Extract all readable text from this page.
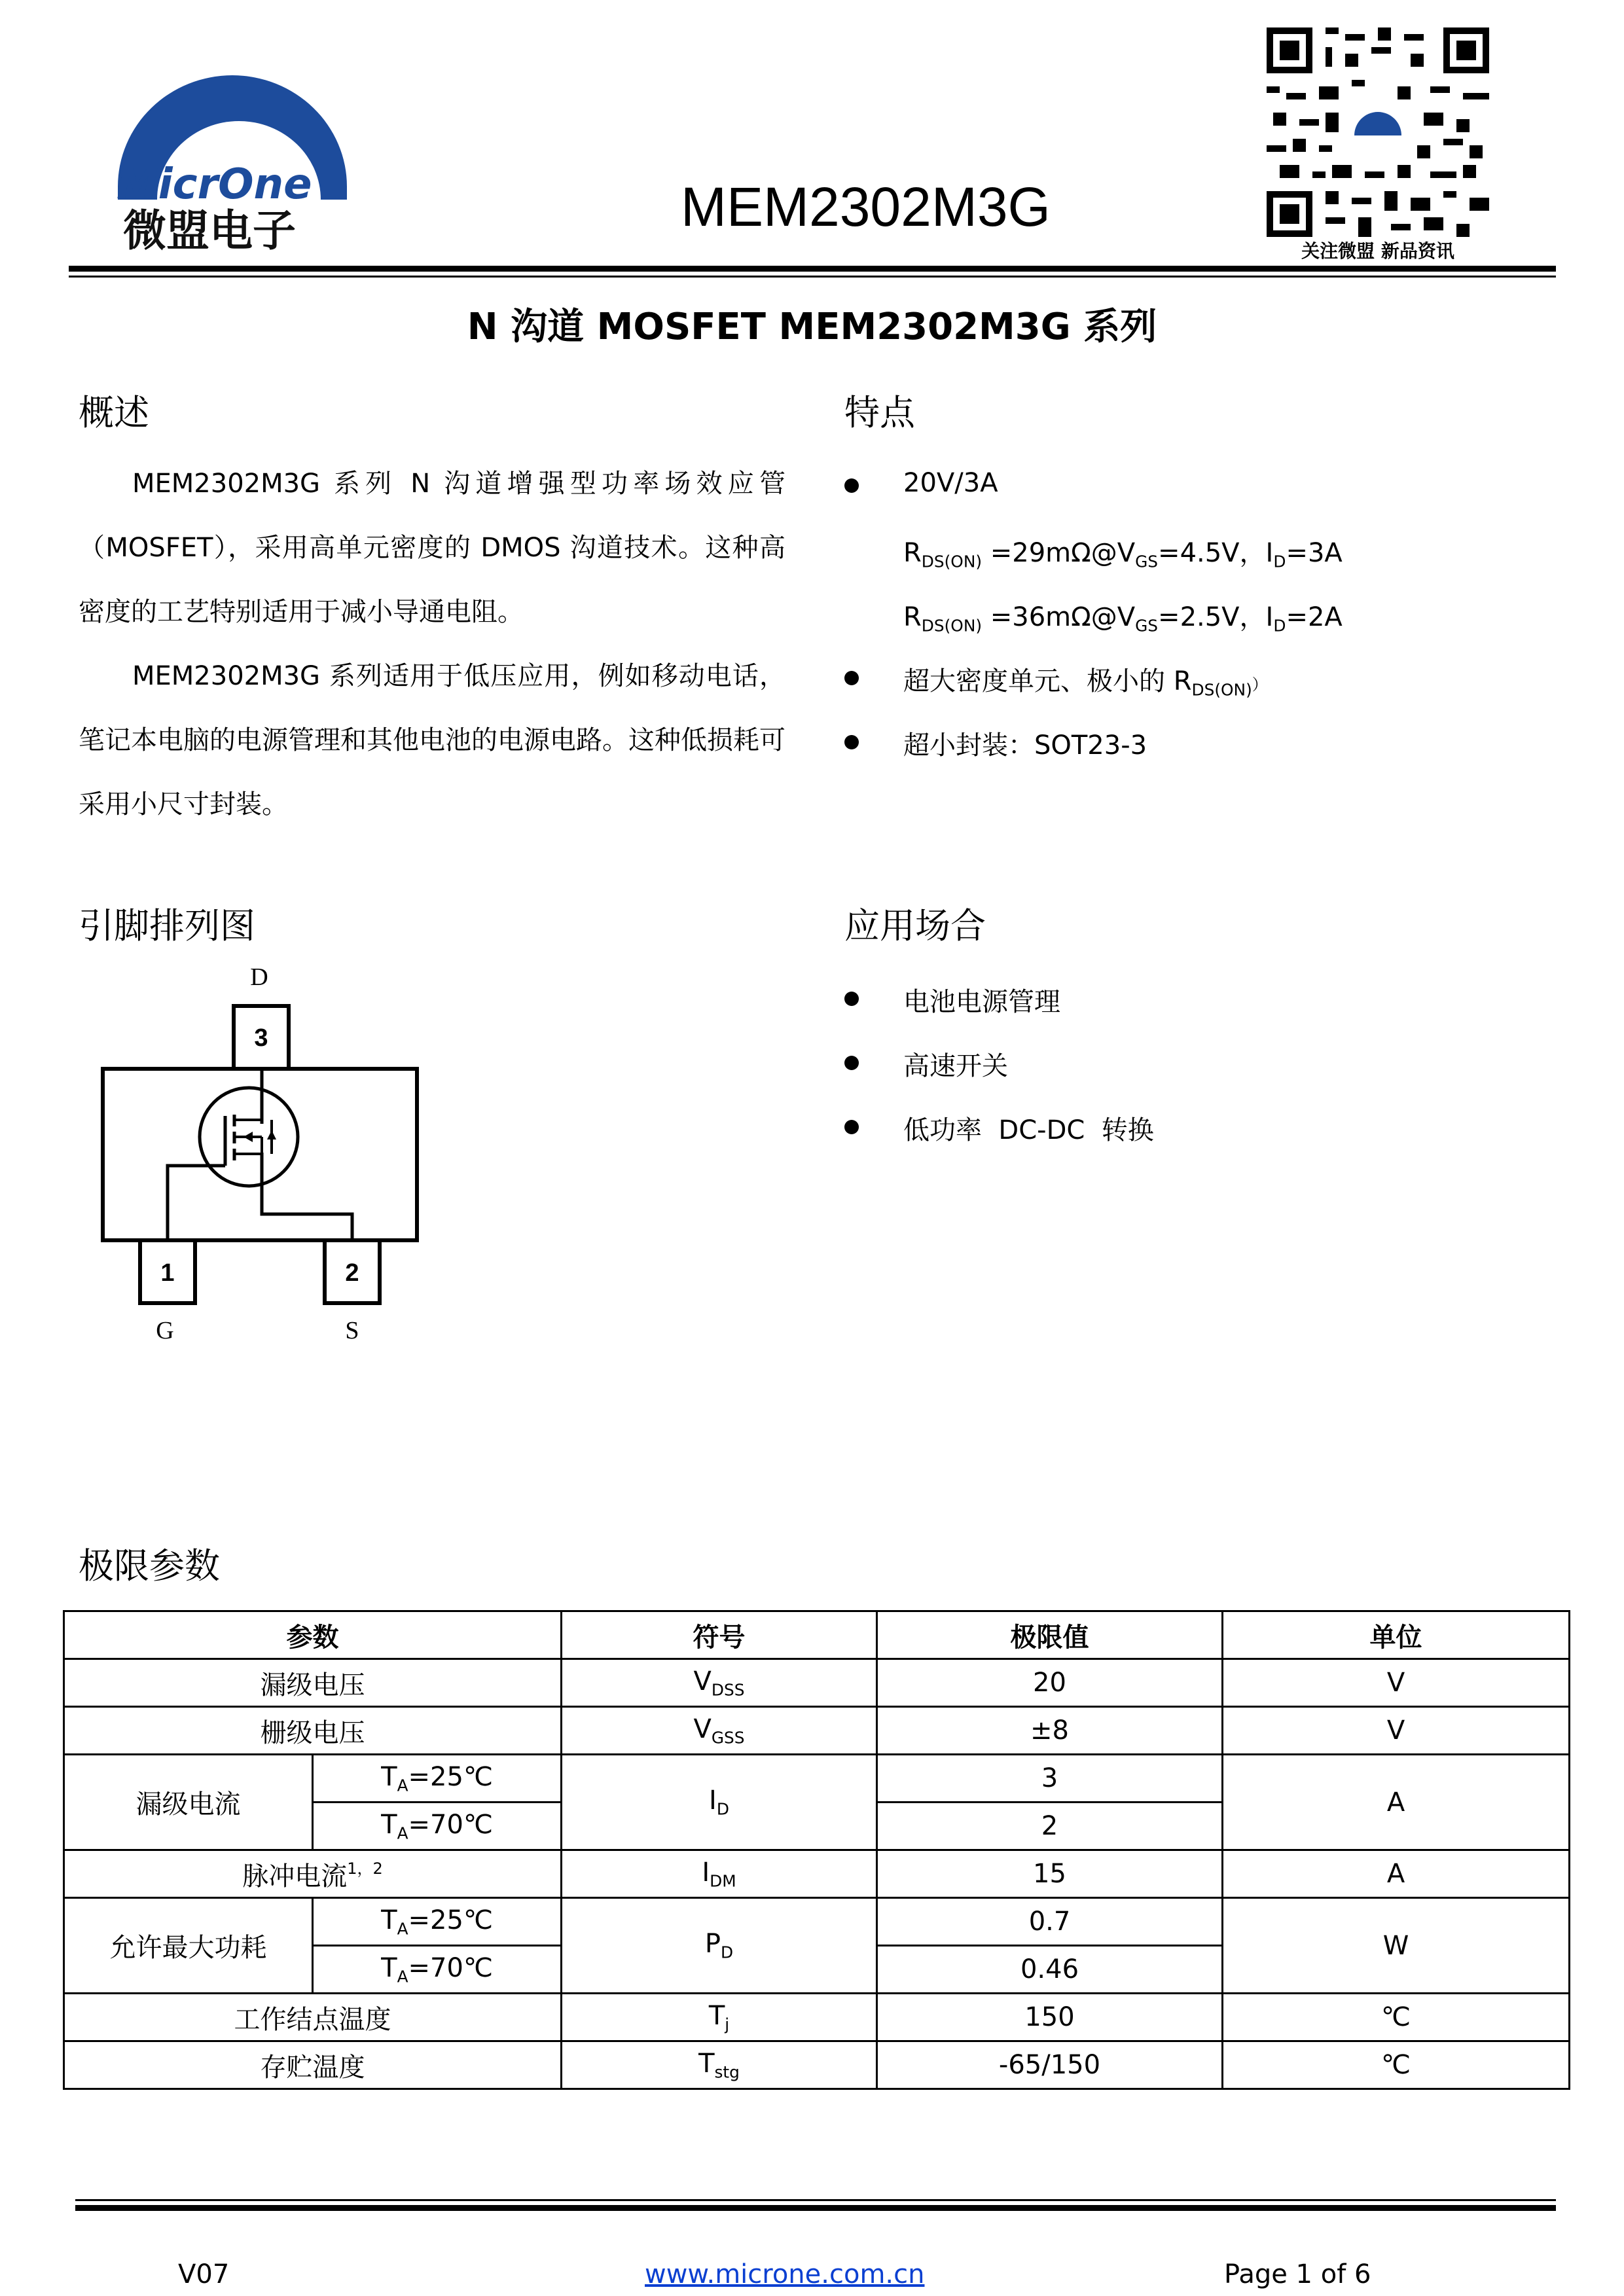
MicrOne
微盟电子	MEM2302M3G
关注微盟 新品资讯
N 沟道 MOSFET MEM2302M3G 系列
概述
MEM2302M3G 系列 N 沟道增强型功率场效应管（MOSFET），采用高单元密度的 DMOS 沟道技术。这种高密度的工艺特别适用于减小导通电阻。
MEM2302M3G 系列适用于低压应用，例如移动电话，笔记本电脑的电源管理和其他电池的电源电路。这种低损耗可采用小尺寸封装。
特点
20V/3A
$R_{DS(ON)}$ $=29m\Omega@V_{GS}=4.5V$，$I_D=3A$
$R_{DS(ON)}$ $=36m\Omega@V_{GS}=2.5V$，$I_D=2A$
超大密度单元、极小的 $R_{DS(ON)}$）
超小封装：SOT23-3
引脚排列图
3
1	2
D
G	S
应用场合
电池电源管理
高速开关
低功率  DC-DC  转换
极限参数
参数		符号	极限值	单位
漏级电压		$V_{DSS}$	20	V
栅级电压		$V_{GSS}$	±8	V
漏级电流	$T_A=25℃$	$I_D$	3	A
	$T_A=70℃$		2	
脉冲电流$^{1,2}$		$I_{DM}$	15	A
允许最大功耗	$T_A=25℃$	$P_D$	0.7	W
	$T_A=70℃$		0.46	
工作结点温度		$T_j$	150	℃
存贮温度		$T_{stg}$	-65/150	℃
V07	www.microne.com.cn	Page 1 of 6
